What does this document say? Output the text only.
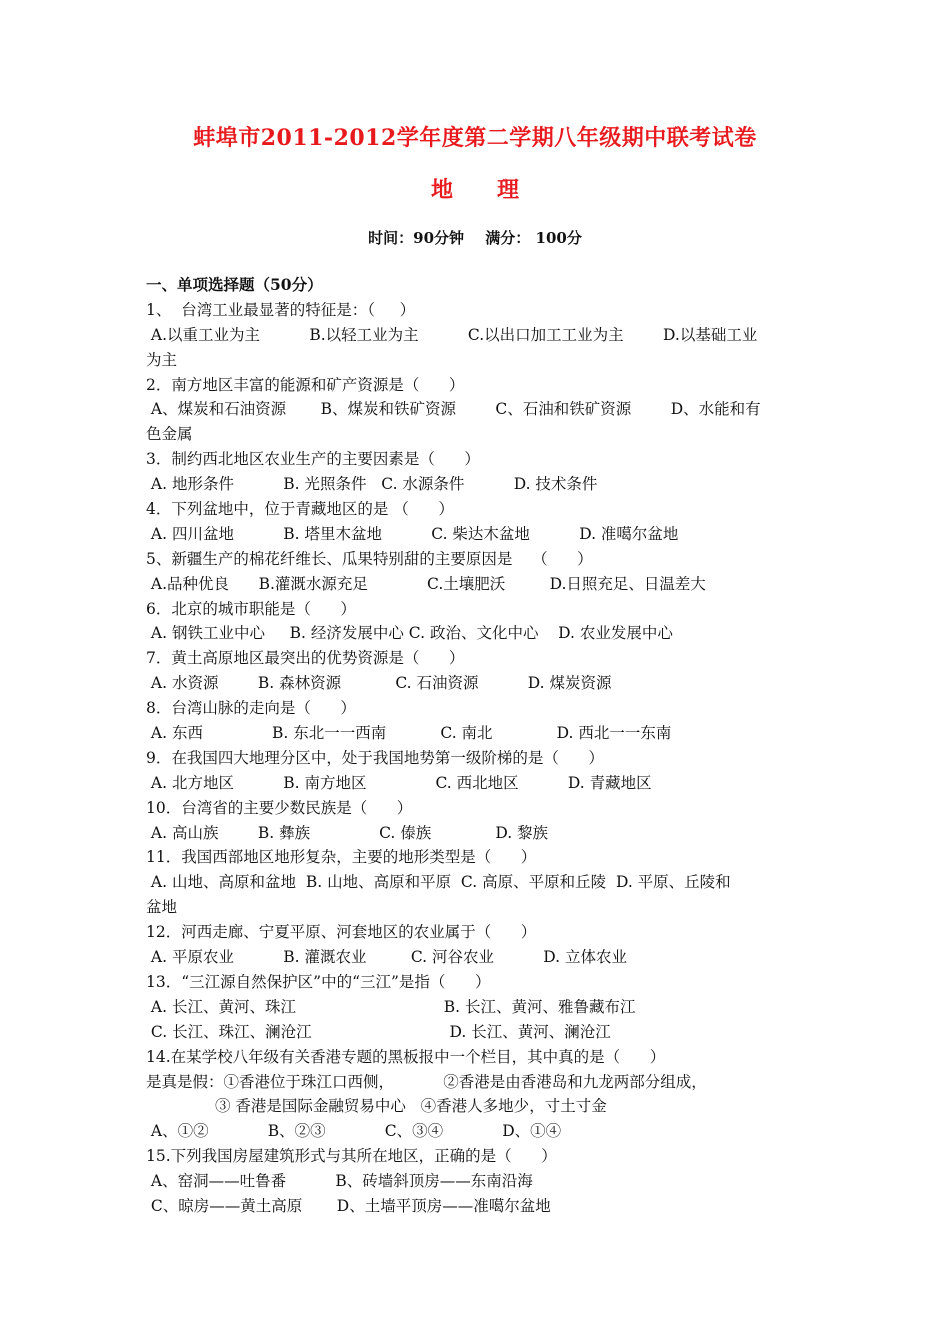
蚌埠市2011-2012学年度第二学期八年级期中联考试卷
地 理
时间：90分钟 满分： 100分
一、单项选择题（50分）
1、  台湾工业最显著的特征是：（     ）
A.以重工业为主          B.以轻工业为主          C.以出口加工工业为主        D.以基础工业
为主
2．南方地区丰富的能源和矿产资源是（      ）
A、煤炭和石油资源       B、煤炭和铁矿资源        C、石油和铁矿资源        D、水能和有
色金属
3．制约西北地区农业生产的主要因素是（      ）
A. 地形条件          B. 光照条件   C. 水源条件          D. 技术条件
4．下列盆地中，位于青藏地区的是 （      ）
A. 四川盆地          B. 塔里木盆地          C. 柴达木盆地          D. 准噶尔盆地
5、新疆生产的棉花纤维长、瓜果特别甜的主要原因是    （      ）
A.品种优良      B.灌溉水源充足            C.土壤肥沃         D.日照充足、日温差大
6．北京的城市职能是（      ）
A. 钢铁工业中心     B. 经济发展中心 C. 政治、文化中心    D. 农业发展中心
7．黄土高原地区最突出的优势资源是（      ）
A. 水资源        B. 森林资源           C. 石油资源          D. 煤炭资源
8．台湾山脉的走向是（      ）
A. 东西              B. 东北一一西南           C. 南北             D. 西北一一东南
9．在我国四大地理分区中，处于我国地势第一级阶梯的是（      ）
A. 北方地区          B. 南方地区              C. 西北地区          D. 青藏地区
10．台湾省的主要少数民族是（      ）
A. 高山族        B. 彝族              C. 傣族             D. 黎族
11．我国西部地区地形复杂，主要的地形类型是（      ）
A. 山地、高原和盆地  B. 山地、高原和平原  C. 高原、平原和丘陵  D. 平原、丘陵和
盆地
12．河西走廊、宁夏平原、河套地区的农业属于（      ）
A. 平原农业          B. 灌溉农业         C. 河谷农业          D. 立体农业
13．“三江源自然保护区”中的“三江”是指（      ）
A. 长江、黄河、珠江                              B. 长江、黄河、雅鲁藏布江
C. 长江、珠江、澜沧江                            D. 长江、黄河、澜沧江
14.在某学校八年级有关香港专题的黑板报中一个栏目，其中真的是（      ）
是真是假：①香港位于珠江口西侧，          ②香港是由香港岛和九龙两部分组成，
③ 香港是国际金融贸易中心   ④香港人多地少，寸土寸金
A、①②            B、②③            C、③④            D、①④
15.下列我国房屋建筑形式与其所在地区，正确的是（      ）
A、窑洞——吐鲁番          B、砖墙斜顶房——东南沿海
C、晾房——黄土高原       D、土墙平顶房——准噶尔盆地
